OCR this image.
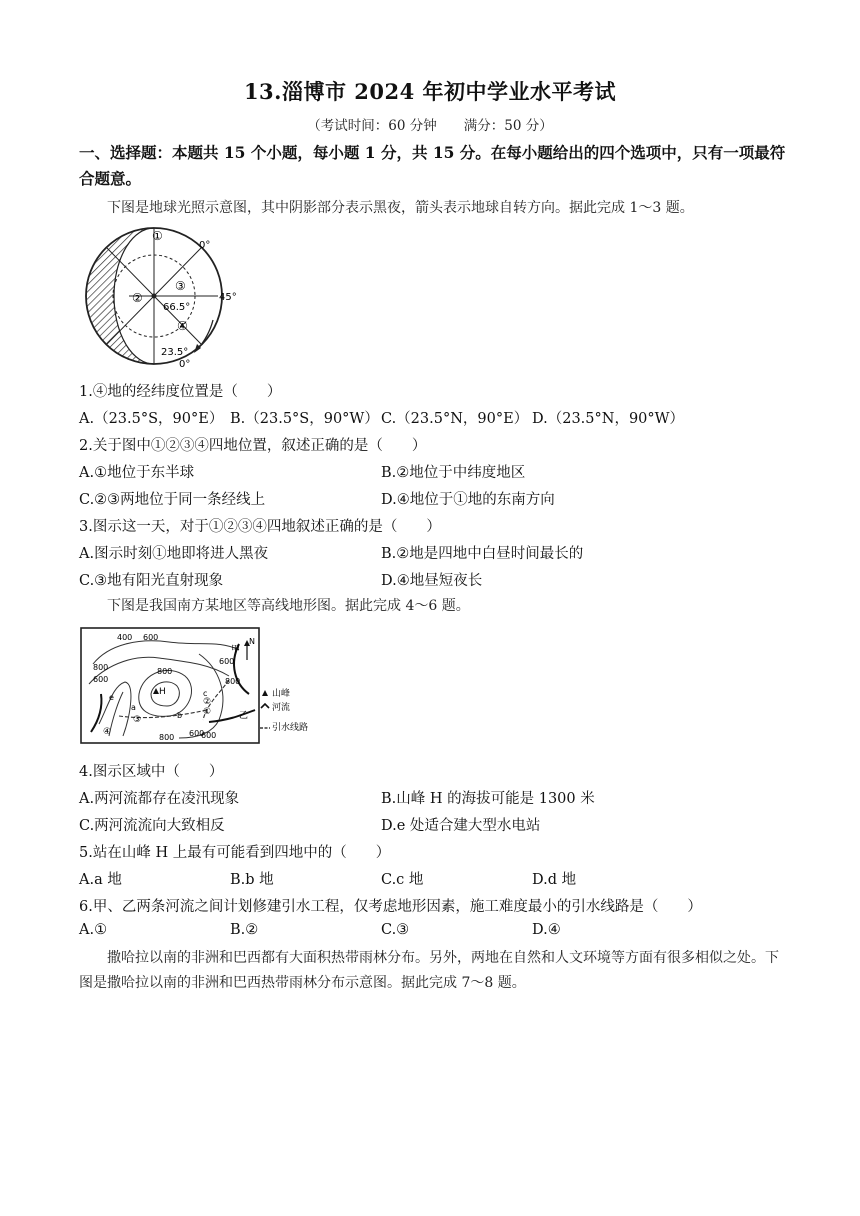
13.淄博市 2024 年初中学业水平考试
（考试时间：60 分钟　　满分：50 分）
一、选择题：本题共 15 个小题，每小题 1 分，共 15 分。在每小题给出的四个选项中，只有一项最符合题意。
下图是地球光照示意图，其中阴影部分表示黑夜，箭头表示地球自转方向。据此完成 1～3 题。
①
0°
②
③
④
45°
66.5°
23.5°
0°
1.④地的经纬度位置是（　　）
A.（23.5°S，90°E） B.（23.5°S，90°W） C.（23.5°N，90°E） D.（23.5°N，90°W）
2.关于图中①②③④四地位置，叙述正确的是（　　）
A.①地位于东半球	B.②地位于中纬度地区
C.②③两地位于同一条经线上	D.④地位于①地的东南方向
3.图示这一天，对于①②③④四地叙述正确的是（　　）
A.图示时刻①地即将进人黑夜	B.②地是四地中白昼时间最长的
C.③地有阳光直射现象	D.④地昼短夜长
下图是我国南方某地区等高线地形图。据此完成 4～6 题。
400 600
800
600
800
600
800
600
800	600
甲
乙
H
a
b
c
e
①
②
③
④
N
山峰
河流
引水线路
4.图示区域中（　　）
A.两河流都存在凌汛现象	B.山峰 H 的海拔可能是 1300 米
C.两河流流向大致相反	D.e 处适合建大型水电站
5.站在山峰 H 上最有可能看到四地中的（　　）
A.a 地	B.b 地	C.c 地	D.d 地
6.甲、乙两条河流之间计划修建引水工程，仅考虑地形因素，施工难度最小的引水线路是（　　）
A.①	B.②	C.③	D.④
撒哈拉以南的非洲和巴西都有大面积热带雨林分布。另外，两地在自然和人文环境等方面有很多相似之处。下图是撒哈拉以南的非洲和巴西热带雨林分布示意图。据此完成 7～8 题。
